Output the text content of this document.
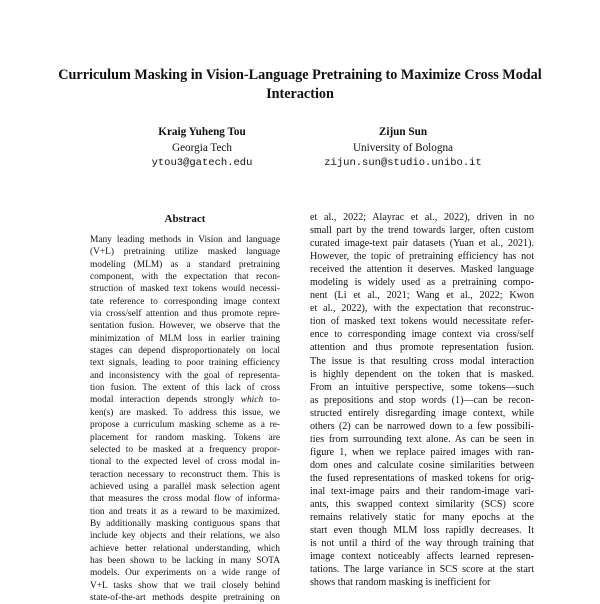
Curriculum Masking in Vision-Language Pretraining to Maximize Cross Modal Interaction
Kraig Yuheng Tou
Georgia Tech
ytou3@gatech.edu
Zijun Sun
University of Bologna
zijun.sun@studio.unibo.it
Abstract
Many leading methods in Vision and language
(V+L) pretraining utilize masked language
modeling (MLM) as a standard pretraining
component, with the expectation that recon-
struction of masked text tokens would necessi-
tate reference to corresponding image context
via cross/self attention and thus promote repre-
sentation fusion. However, we observe that the
minimization of MLM loss in earlier training
stages can depend disproportionately on local
text signals, leading to poor training efficiency
and inconsistency with the goal of representa-
tion fusion. The extent of this lack of cross
modal interaction depends strongly which to-
ken(s) are masked. To address this issue, we
propose a curriculum masking scheme as a re-
placement for random masking. Tokens are
selected to be masked at a frequency propor-
tional to the expected level of cross modal in-
teraction necessary to reconstruct them. This is
achieved using a parallel mask selection agent
that measures the cross modal flow of informa-
tion and treats it as a reward to be maximized.
By additionally masking contiguous spans that
include key objects and their relations, we also
achieve better relational understanding, which
has been shown to be lacking in many SOTA
models. Our experiments on a wide range of
V+L tasks show that we trail closely behind
state-of-the-art methods despite pretraining on
et al., 2022; Alayrac et al., 2022), driven in no
small part by the trend towards larger, often custom
curated image-text pair datasets (Yuan et al., 2021).
However, the topic of pretraining efficiency has not
received the attention it deserves. Masked language
modeling is widely used as a pretraining compo-
nent (Li et al., 2021; Wang et al., 2022; Kwon
et al., 2022), with the expectation that reconstruc-
tion of masked text tokens would necessitate refer-
ence to corresponding image context via cross/self
attention and thus promote representation fusion.
The issue is that resulting cross modal interaction
is highly dependent on the token that is masked.
From an intuitive perspective, some tokens—such
as prepositions and stop words (1)—can be recon-
structed entirely disregarding image context, while
others (2) can be narrowed down to a few possibili-
ties from surrounding text alone. As can be seen in
figure 1, when we replace paired images with ran-
dom ones and calculate cosine similarities between
the fused representations of masked tokens for orig-
inal text-image pairs and their random-image vari-
ants, this swapped context similarity (SCS) score
remains relatively static for many epochs at the
start even though MLM loss rapidly decreases. It
is not until a third of the way through training that
image context noticeably affects learned represen-
tations. The large variance in SCS score at the start
shows that random masking is inefficient for
